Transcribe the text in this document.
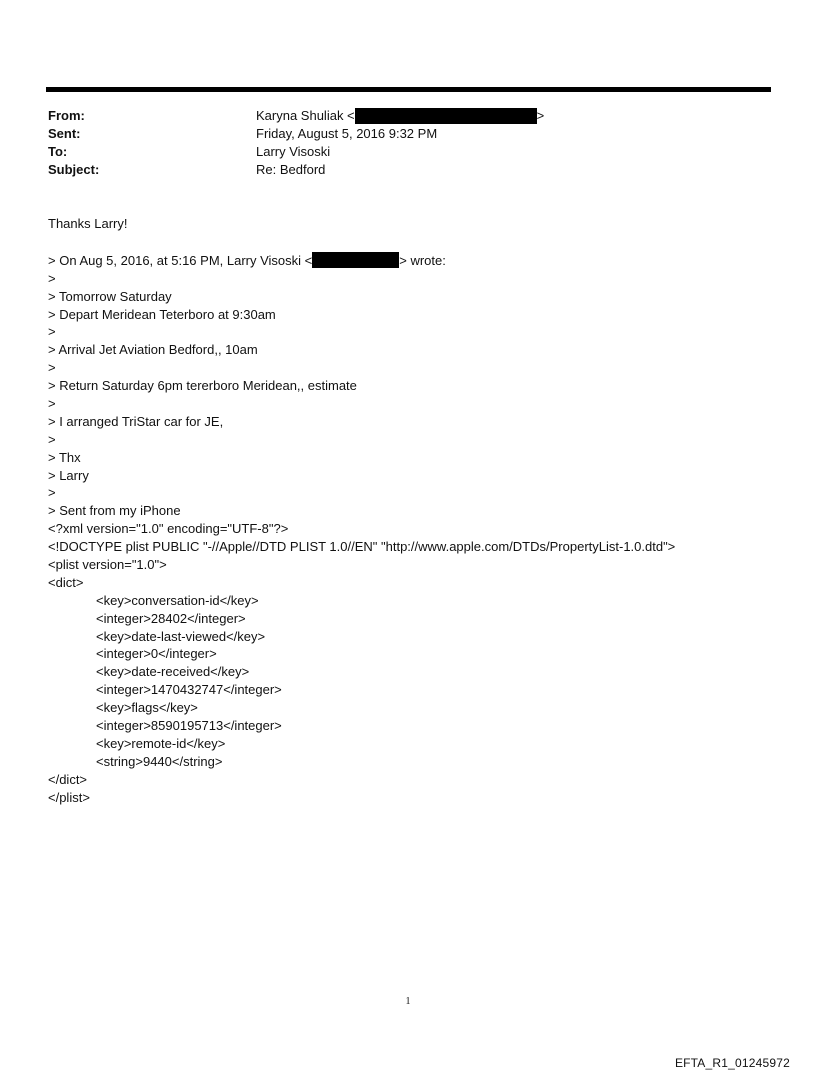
From:	Karyna Shuliak <	>
Sent:	Friday, August 5, 2016 9:32 PM
To:	Larry Visoski
Subject:	Re: Bedford
Thanks Larry!
> On Aug 5, 2016, at 5:16 PM, Larry Visoski <	> wrote:
>
> Tomorrow Saturday
> Depart Meridean Teterboro at 9:30am
>
> Arrival Jet Aviation Bedford,, 10am
>
> Return Saturday 6pm tererboro Meridean,, estimate
>
> I arranged TriStar car for JE,
>
> Thx
> Larry
>
> Sent from my iPhone
<?xml version="1.0" encoding="UTF-8"?>
<!DOCTYPE plist PUBLIC "-//Apple//DTD PLIST 1.0//EN" "http://www.apple.com/DTDs/PropertyList-1.0.dtd">
<plist version="1.0">
<dict>
<key>conversation-id</key>
<integer>28402</integer>
<key>date-last-viewed</key>
<integer>0</integer>
<key>date-received</key>
<integer>1470432747</integer>
<key>flags</key>
<integer>8590195713</integer>
<key>remote-id</key>
<string>9440</string>
</dict>
</plist>
1
EFTA_R1_01245972
